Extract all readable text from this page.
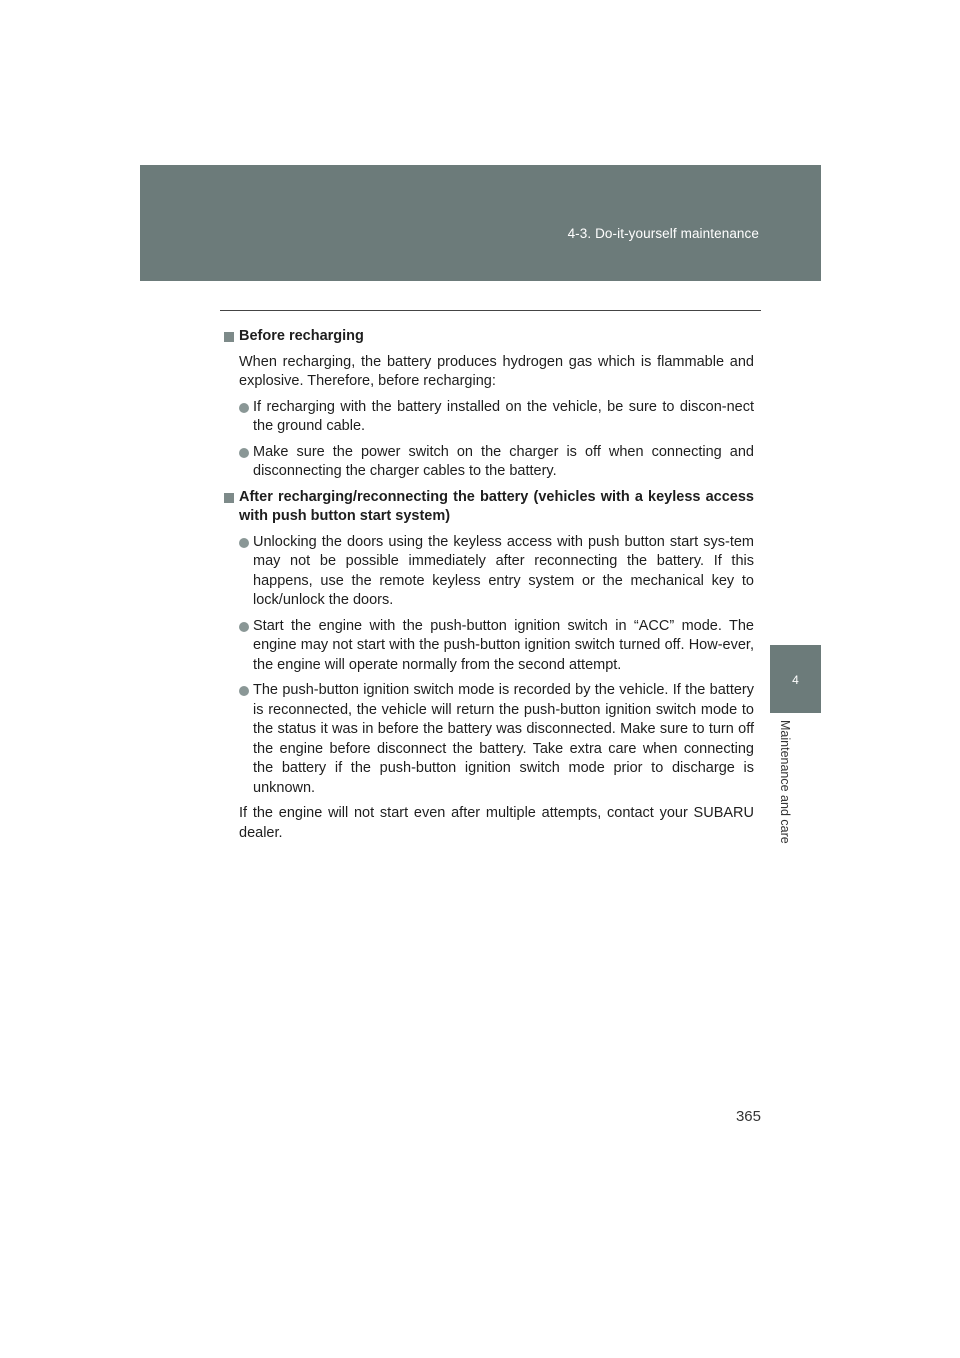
4-3. Do-it-yourself maintenance
4
Maintenance and care
Before recharging
When recharging, the battery produces hydrogen gas which is flammable and explosive. Therefore, before recharging:
If recharging with the battery installed on the vehicle, be sure to discon-nect the ground cable.
Make sure the power switch on the charger is off when connecting and disconnecting the charger cables to the battery.
After recharging/reconnecting the battery (vehicles with a keyless access with push button start system)
Unlocking the doors using the keyless access with push button start sys-tem may not be possible immediately after reconnecting the battery. If this happens, use the remote keyless entry system or the mechanical key to lock/unlock the doors.
Start the engine with the push-button ignition switch in “ACC” mode. The engine may not start with the push-button ignition switch turned off. How-ever, the engine will operate normally from the second attempt.
The push-button ignition switch mode is recorded by the vehicle. If the battery is reconnected, the vehicle will return the push-button ignition switch mode to the status it was in before the battery was disconnected. Make sure to turn off the engine before disconnect the battery. Take extra care when connecting the battery if the push-button ignition switch mode prior to discharge is unknown.
If the engine will not start even after multiple attempts, contact your SUBARU dealer.
365
